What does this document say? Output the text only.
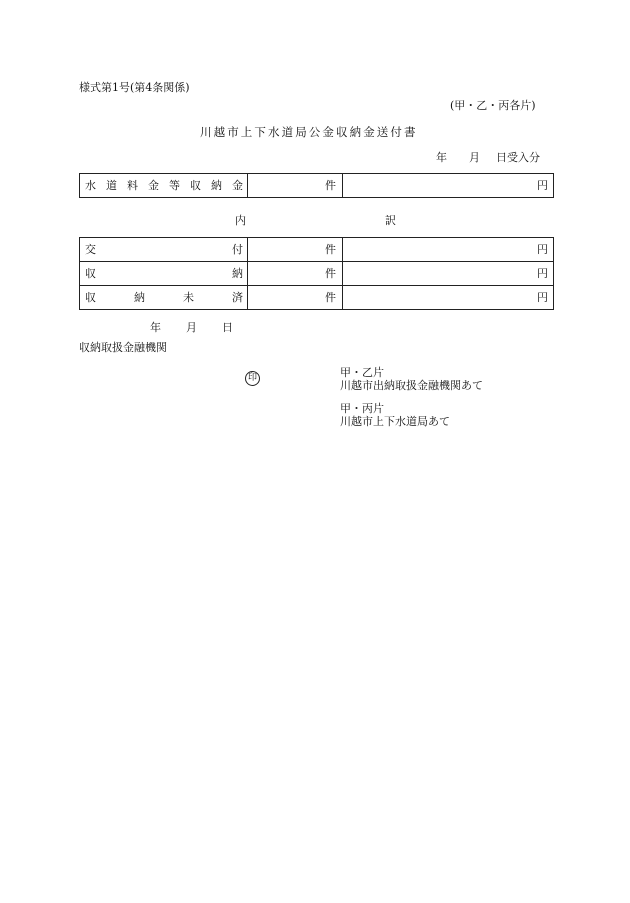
様式第1号(第4条関係)
(甲・乙・丙各片)
川越市上下水道局公金収納金送付書
年 月 日受入分
水 道 料 金 等 収 納 金	件	円
内	訳
交 付	件	円

収 納	件	円

収 納 未 済	件	円
年 月 日
収納取扱金融機関
印	甲・乙片
川越市出納取扱金融機関あて
甲・丙片
川越市上下水道局あて
